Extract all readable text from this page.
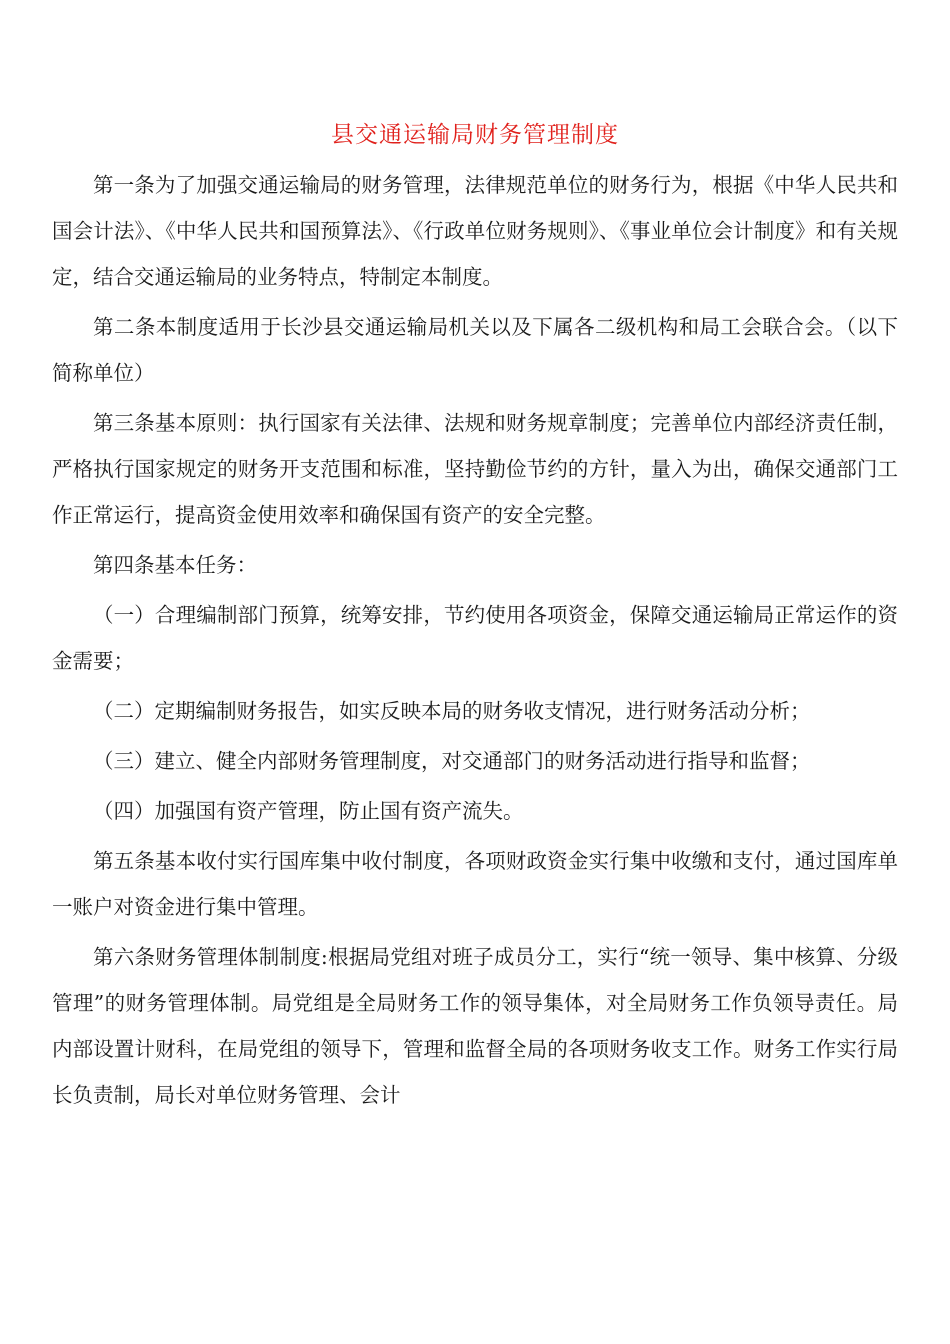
县交通运输局财务管理制度

第一条为了加强交通运输局的财务管理，法律规范单位的财务行为，根据《中华人民共和国会计法》、《中华人民共和国预算法》、《行政单位财务规则》、《事业单位会计制度》和有关规定，结合交通运输局的业务特点，特制定本制度。

第二条本制度适用于长沙县交通运输局机关以及下属各二级机构和局工会联合会。（以下简称单位）

第三条基本原则：执行国家有关法律、法规和财务规章制度；完善单位内部经济责任制，严格执行国家规定的财务开支范围和标准，坚持勤俭节约的方针，量入为出，确保交通部门工作正常运行，提高资金使用效率和确保国有资产的安全完整。

第四条基本任务：

（一）合理编制部门预算，统筹安排，节约使用各项资金，保障交通运输局正常运作的资金需要；

（二）定期编制财务报告，如实反映本局的财务收支情况，进行财务活动分析；

（三）建立、健全内部财务管理制度，对交通部门的财务活动进行指导和监督；

（四）加强国有资产管理，防止国有资产流失。

第五条基本收付实行国库集中收付制度，各项财政资金实行集中收缴和支付，通过国库单一账户对资金进行集中管理。

第六条财务管理体制制度:根据局党组对班子成员分工，实行“统一领导、集中核算、分级管理”的财务管理体制。局党组是全局财务工作的领导集体，对全局财务工作负领导责任。局内部设置计财科，在局党组的领导下，管理和监督全局的各项财务收支工作。财务工作实行局长负责制，局长对单位财务管理、会计
